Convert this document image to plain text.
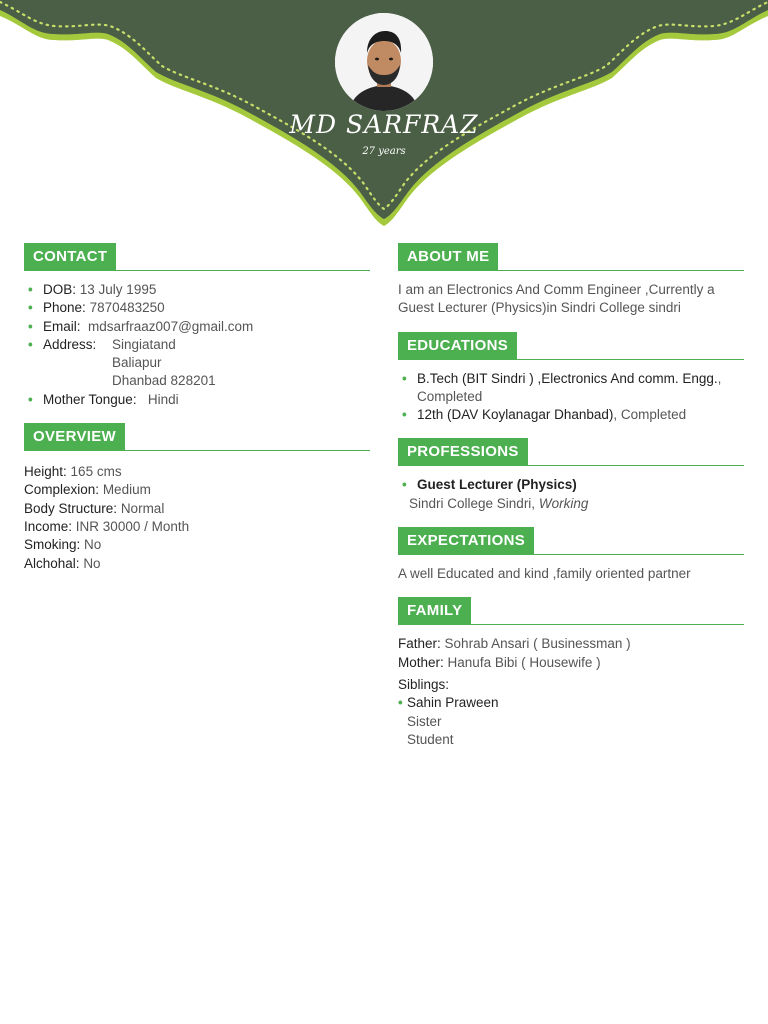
MD SARFRAZ
27 years
CONTACT
• DOB: 13 July 1995
• Phone: 7870483250
• Email: mdsarfraaz007@gmail.com
• Address:	Singiatand
Baliapur
Dhanbad 828201
• Mother Tongue: Hindi
OVERVIEW
Height: 165 cms
Complexion: Medium
Body Structure: Normal
Income: INR 30000 / Month
Smoking: No
Alchohal: No
ABOUT ME
I am an Electronics And Comm Engineer ,Currently a Guest Lecturer (Physics)in Sindri College sindri
EDUCATIONS
• B.Tech (BIT Sindri ) ,Electronics And comm. Engg., Completed
• 12th (DAV Koylanagar Dhanbad), Completed
PROFESSIONS
• Guest Lecturer (Physics)
Sindri College Sindri, Working
EXPECTATIONS
A well Educated and kind ,family oriented partner
FAMILY
Father: Sohrab Ansari ( Businessman )
Mother: Hanufa Bibi ( Housewife )
Siblings:
• Sahin Praween
Sister
Student
